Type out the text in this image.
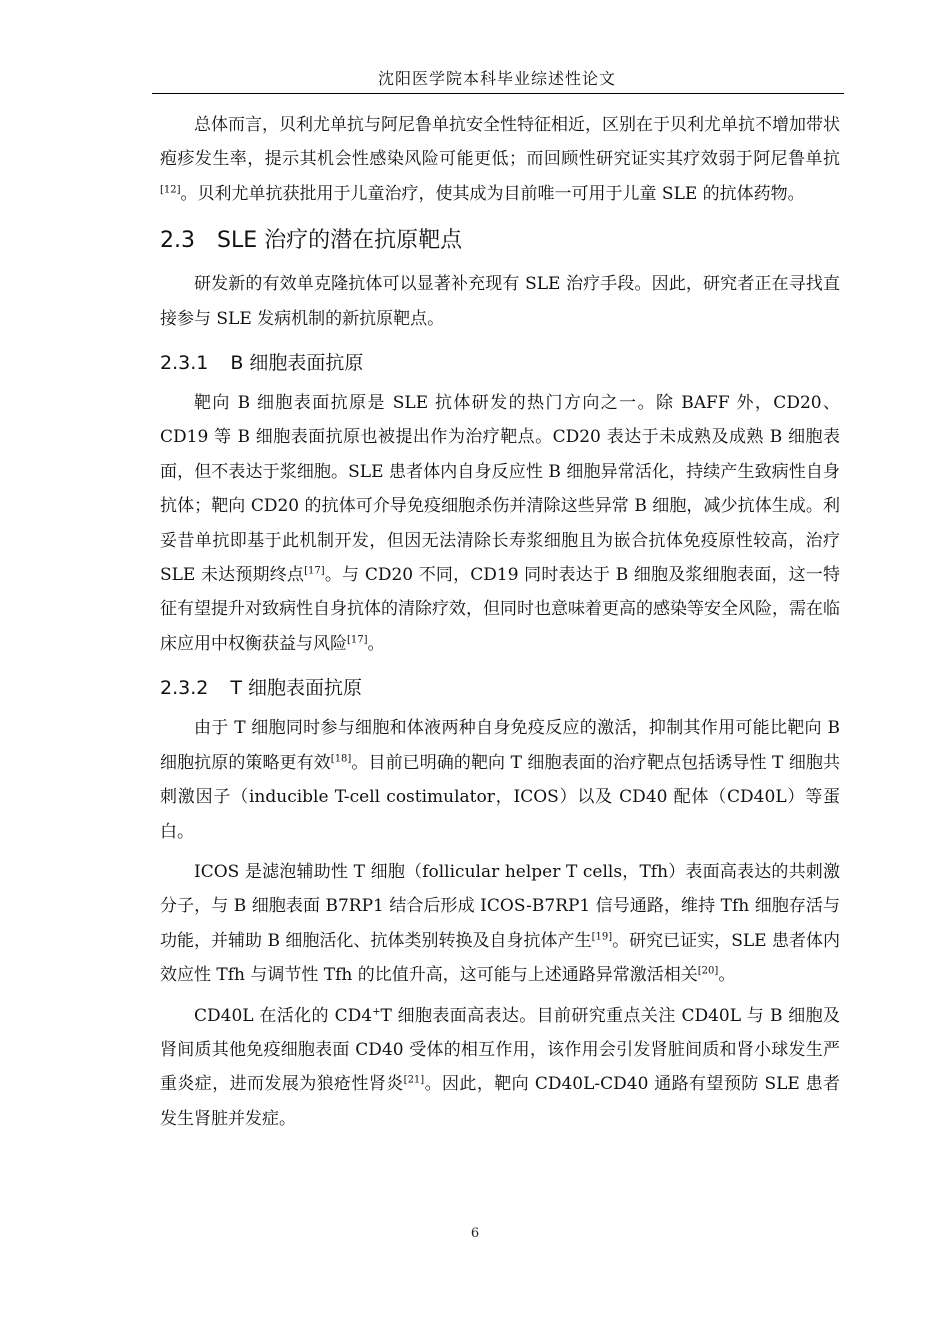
沈阳医学院本科毕业综述性论文

总体而言，贝利尤单抗与阿尼鲁单抗安全性特征相近，区别在于贝利尤单抗不增加带状疱疹发生率，提示其机会性感染风险可能更低；而回顾性研究证实其疗效弱于阿尼鲁单抗[12]。贝利尤单抗获批用于儿童治疗，使其成为目前唯一可用于儿童 SLE 的抗体药物。

2.3 SLE 治疗的潜在抗原靶点

研发新的有效单克隆抗体可以显著补充现有 SLE 治疗手段。因此，研究者正在寻找直接参与 SLE 发病机制的新抗原靶点。

2.3.1 B 细胞表面抗原

靶向 B 细胞表面抗原是 SLE 抗体研发的热门方向之一。除 BAFF 外，CD20、CD19 等 B 细胞表面抗原也被提出作为治疗靶点。CD20 表达于未成熟及成熟 B 细胞表面，但不表达于浆细胞。SLE 患者体内自身反应性 B 细胞异常活化，持续产生致病性自身抗体；靶向 CD20 的抗体可介导免疫细胞杀伤并清除这些异常 B 细胞，减少抗体生成。利妥昔单抗即基于此机制开发，但因无法清除长寿浆细胞且为嵌合抗体免疫原性较高，治疗 SLE 未达预期终点[17]。与 CD20 不同，CD19 同时表达于 B 细胞及浆细胞表面，这一特征有望提升对致病性自身抗体的清除疗效，但同时也意味着更高的感染等安全风险，需在临床应用中权衡获益与风险[17]。

2.3.2 T 细胞表面抗原

由于 T 细胞同时参与细胞和体液两种自身免疫反应的激活，抑制其作用可能比靶向 B 细胞抗原的策略更有效[18]。目前已明确的靶向 T 细胞表面的治疗靶点包括诱导性 T 细胞共刺激因子（inducible T-cell costimulator，ICOS）以及 CD40 配体（CD40L）等蛋白。

ICOS 是滤泡辅助性 T 细胞（follicular helper T cells，Tfh）表面高表达的共刺激分子，与 B 细胞表面 B7RP1 结合后形成 ICOS-B7RP1 信号通路，维持 Tfh 细胞存活与功能，并辅助 B 细胞活化、抗体类别转换及自身抗体产生[19]。研究已证实，SLE 患者体内效应性 Tfh 与调节性 Tfh 的比值升高，这可能与上述通路异常激活相关[20]。

CD40L 在活化的 CD4+T 细胞表面高表达。目前研究重点关注 CD40L 与 B 细胞及肾间质其他免疫细胞表面 CD40 受体的相互作用，该作用会引发肾脏间质和肾小球发生严重炎症，进而发展为狼疮性肾炎[21]。因此，靶向 CD40L-CD40 通路有望预防 SLE 患者发生肾脏并发症。

6
